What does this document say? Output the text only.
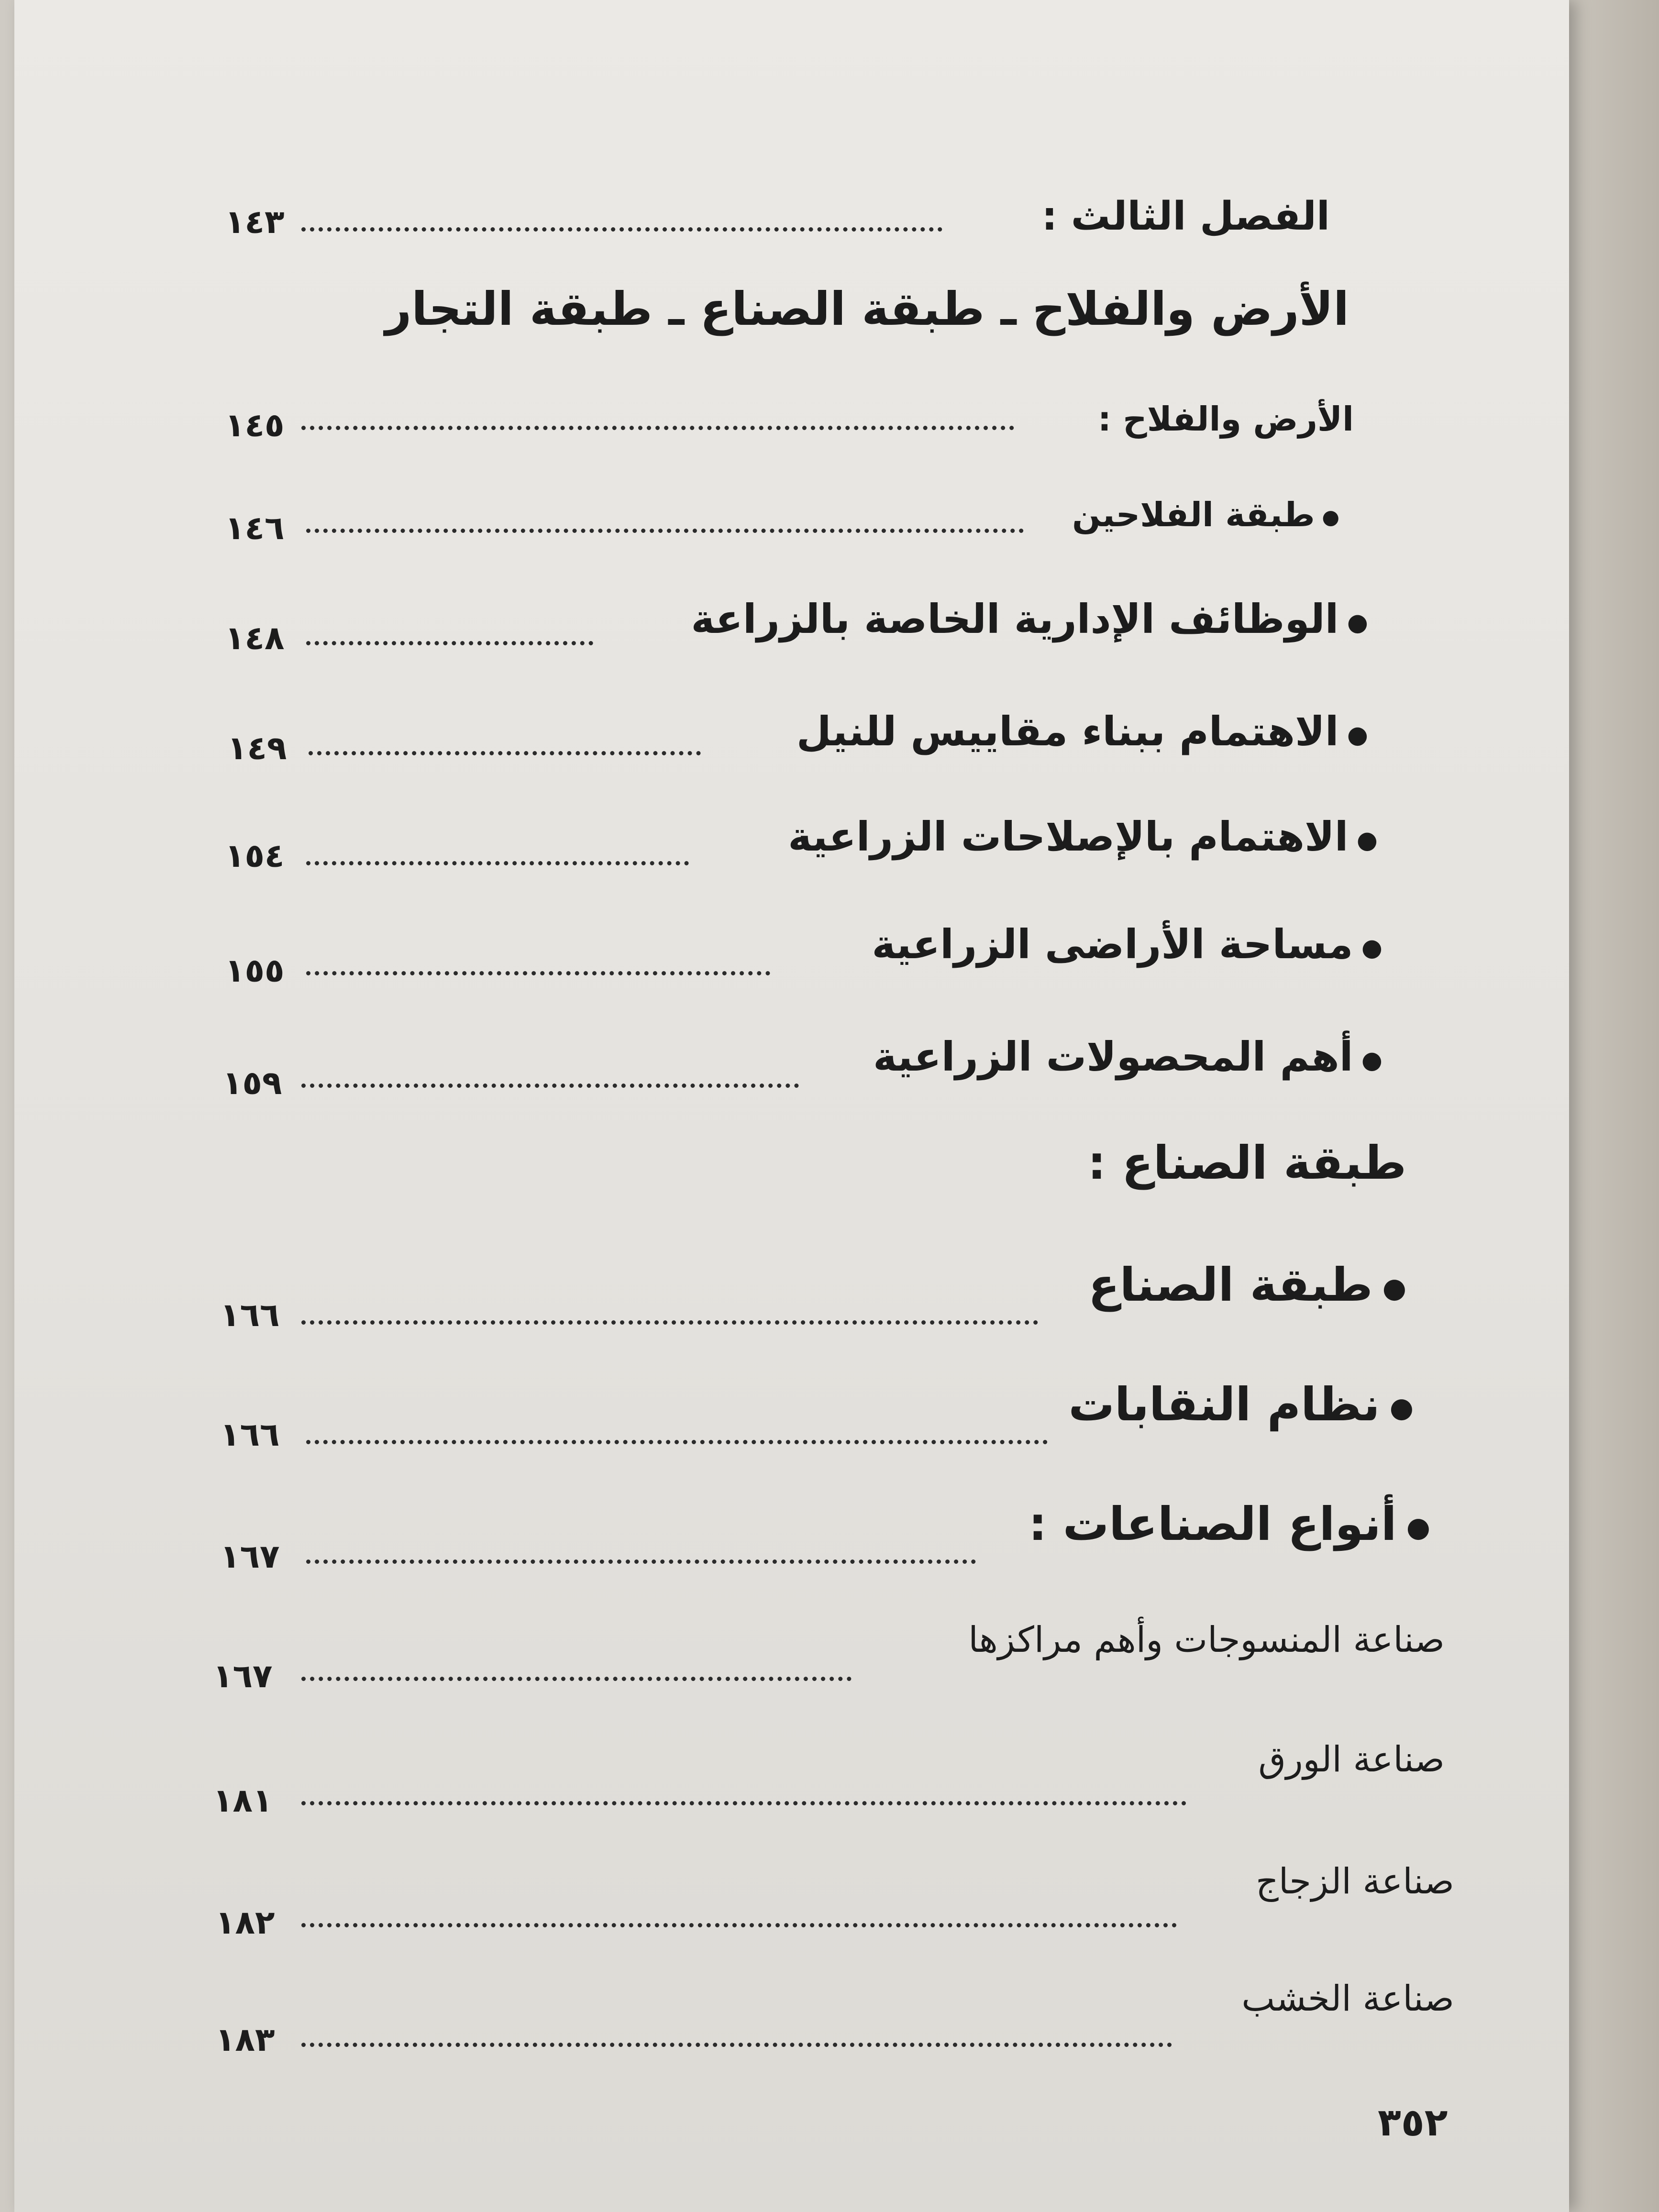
الفصل الثالث :
١٤٣
الأرض والفلاح ـ طبقة الصناع ـ طبقة التجار
الأرض والفلاح :
١٤٥
● طبقة الفلاحين
١٤٦
● الوظائف الإدارية الخاصة بالزراعة
١٤٨
● الاهتمام ببناء مقاييس للنيل
١٤٩
● الاهتمام بالإصلاحات الزراعية
١٥٤
● مساحة الأراضى الزراعية
١٥٥
● أهم المحصولات الزراعية
١٥٩
طبقة الصناع :
● طبقة الصناع
١٦٦
● نظام النقابات
١٦٦
● أنواع الصناعات :
١٦٧
صناعة المنسوجات وأهم مراكزها
١٦٧
صناعة الورق
١٨١
صناعة الزجاج
١٨٢
صناعة الخشب
١٨٣
٣٥٢
